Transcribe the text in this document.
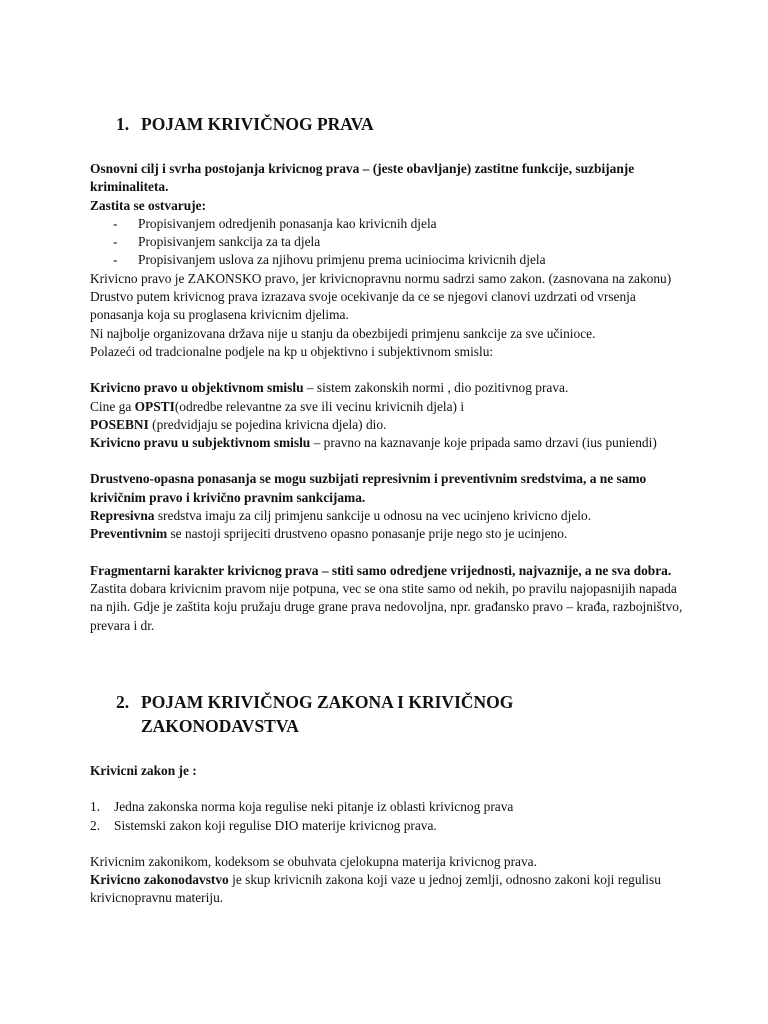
1. POJAM KRIVIČNOG PRAVA

Osnovni cilj i svrha postojanja krivicnog prava – (jeste obavljanje) zastitne funkcije, suzbijanje kriminaliteta.

Zastita se ostvaruje:

- Propisivanjem odredjenih ponasanja kao krivicnih djela
- Propisivanjem sankcija za ta djela
- Propisivanjem uslova za njihovu primjenu prema uciniocima krivicnih djela

Krivicno pravo je ZAKONSKO pravo, jer krivicnopravnu normu sadrzi samo zakon. (zasnovana na zakonu)

Drustvo putem krivicnog prava izrazava svoje ocekivanje da ce se njegovi clanovi uzdrzati od vrsenja ponasanja koja su proglasena krivicnim djelima.

Ni najbolje organizovana država nije u stanju da obezbijedi primjenu sankcije za sve učinioce.

Polazeći od tradcionalne podjele na kp u objektivno i subjektivnom smislu:

Krivicno pravo u objektivnom smislu – sistem zakonskih normi , dio pozitivnog prava.

Cine ga OPSTI(odredbe relevantne za sve ili vecinu krivicnih djela) i

POSEBNI (predvidjaju se pojedina krivicna djela) dio.

Krivicno pravu u subjektivnom smislu – pravno na kaznavanje koje pripada samo drzavi (ius puniendi)

Drustveno-opasna ponasanja se mogu suzbijati represivnim i preventivnim sredstvima, a ne samo krivičnim pravo i krivično pravnim sankcijama.

Represivna sredstva imaju za cilj primjenu sankcije u odnosu na vec ucinjeno krivicno djelo.

Preventivnim se nastoji sprijeciti drustveno opasno ponasanje prije nego sto je ucinjeno.

Fragmentarni karakter krivicnog prava – stiti samo odredjene vrijednosti, najvaznije, a ne sva dobra. Zastita dobara krivicnim pravom nije potpuna, vec se ona stite samo od nekih, po pravilu najopasnijih napada na njih. Gdje je zaštita koju pružaju druge grane prava nedovoljna, npr. građansko pravo – krađa, razbojništvo, prevara i dr.

2. POJAM KRIVIČNOG ZAKONA I KRIVIČNOG ZAKONODAVSTVA

Krivicni zakon je :

1.	Jedna zakonska norma koja regulise neki pitanje iz oblasti krivicnog prava
2.	Sistemski zakon koji regulise DIO materije krivicnog prava.

Krivicnim zakonikom, kodeksom se obuhvata cjelokupna materija krivicnog prava.

Krivicno zakonodavstvo je skup krivicnih zakona koji vaze u jednoj zemlji, odnosno zakoni koji regulisu krivicnopravnu materiju.
